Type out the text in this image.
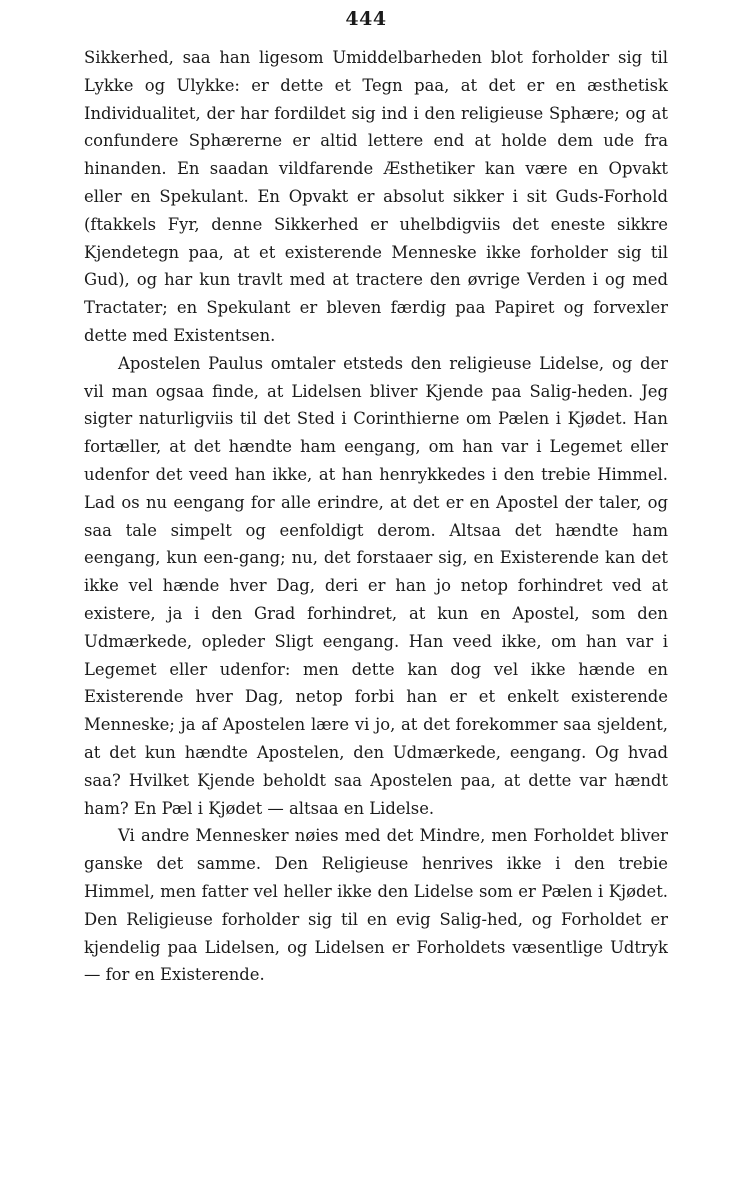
444

Sikkerhed, saa han ligesom Umiddelbarheden blot forholder sig til Lykke og Ulykke: er dette et Tegn paa, at det er en æsthetisk Individualitet, der har fordildet sig ind i den religieuse Sphære; og at confundere Sphærerne er altid lettere end at holde dem ude fra hinanden. En saadan vildfarende Æsthetiker kan være en Opvakt eller en Spekulant. En Opvakt er absolut sikker i sit Guds-Forhold (ftakkels Fyr, denne Sikkerhed er uhelbdigviis det eneste sikkre Kjendetegn paa, at et existerende Menneske ikke forholder sig til Gud), og har kun travlt med at tractere den øvrige Verden i og med Tractater; en Spekulant er bleven færdig paa Papiret og forvexler dette med Existentsen.

Apostelen Paulus omtaler etsteds den religieuse Lidelse, og der vil man ogsaa finde, at Lidelsen bliver Kjende paa Salig-heden. Jeg sigter naturligviis til det Sted i Corinthierne om Pælen i Kjødet. Han fortæller, at det hændte ham eengang, om han var i Legemet eller udenfor det veed han ikke, at han henrykkedes i den trebie Himmel. Lad os nu eengang for alle erindre, at det er en Apostel der taler, og saa tale simpelt og eenfoldigt derom. Altsaa det hændte ham eengang, kun een-gang; nu, det forstaaer sig, en Existerende kan det ikke vel hænde hver Dag, deri er han jo netop forhindret ved at existere, ja i den Grad forhindret, at kun en Apostel, som den Udmærkede, opleder Sligt eengang. Han veed ikke, om han var i Legemet eller udenfor: men dette kan dog vel ikke hænde en Existerende hver Dag, netop forbi han er et enkelt existerende Menneske; ja af Apostelen lære vi jo, at det forekommer saa sjeldent, at det kun hændte Apostelen, den Udmærkede, eengang. Og hvad saa? Hvilket Kjende beholdt saa Apostelen paa, at dette var hændt ham? En Pæl i Kjødet — altsaa en Lidelse.

Vi andre Mennesker nøies med det Mindre, men Forholdet bliver ganske det samme. Den Religieuse henrives ikke i den trebie Himmel, men fatter vel heller ikke den Lidelse som er Pælen i Kjødet. Den Religieuse forholder sig til en evig Salig-hed, og Forholdet er kjendelig paa Lidelsen, og Lidelsen er Forholdets væsentlige Udtryk — for en Existerende.
